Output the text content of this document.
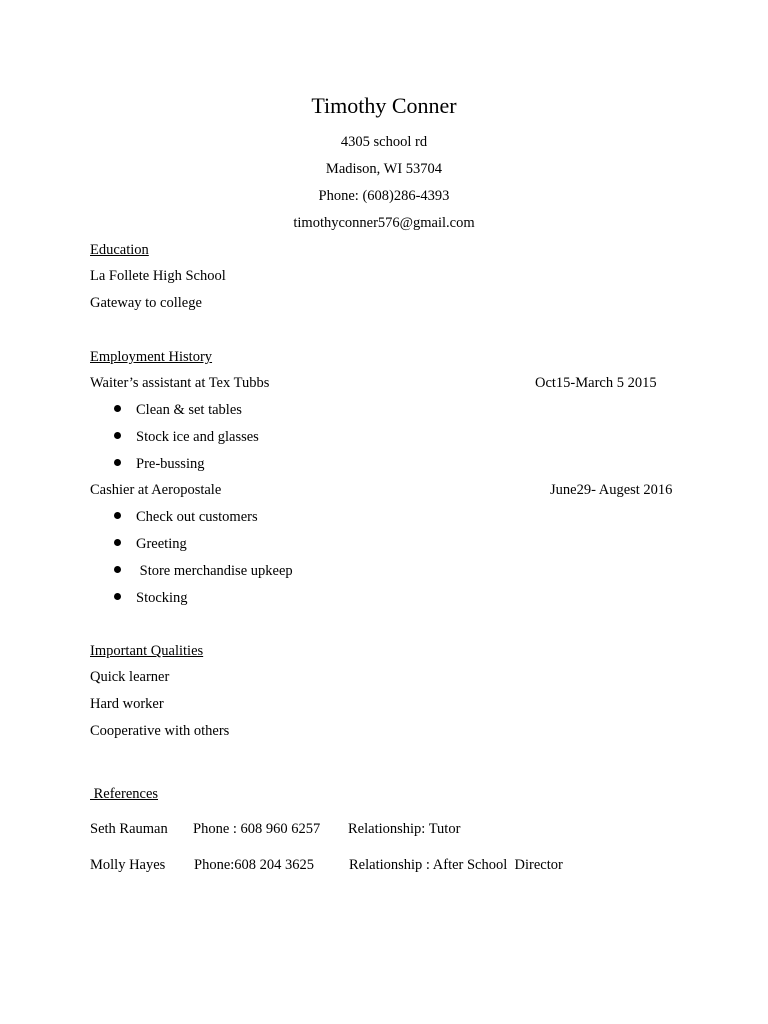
Timothy Conner
4305 school rd
Madison, WI 53704
Phone: (608)286-4393
timothyconner576@gmail.com
Education
La Follete High School
Gateway to college
Employment History
Waiter’s assistant at Tex Tubbs	Oct15-March 5 2015
Clean & set tables
Stock ice and glasses
Pre-bussing
Cashier at Aeropostale	June29- Augest 2016
Check out customers
Greeting
Store merchandise upkeep
Stocking
Important Qualities
Quick learner
Hard worker
Cooperative with others
References
Seth Rauman Phone : 608 960 6257 Relationship: Tutor
Molly Hayes Phone:608 204 3625 Relationship : After School  Director
